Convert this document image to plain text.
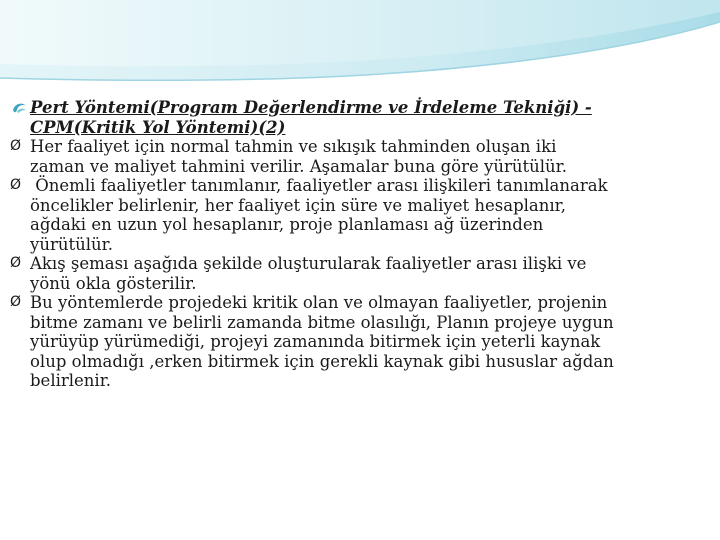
Pert Yöntemi(Program Değerlendirme ve İrdeleme Tekniği) - CPM(Kritik Yol Yöntemi)(2)
Ø Her faaliyet için normal tahmin ve sıkışık tahminden oluşan iki zaman ve maliyet tahmini verilir. Aşamalar buna göre yürütülür.
Ø Önemli faaliyetler tanımlanır, faaliyetler arası ilişkileri tanımlanarak öncelikler belirlenir, her faaliyet için süre ve maliyet hesaplanır, ağdaki en uzun yol hesaplanır, proje planlaması ağ üzerinden yürütülür.
Ø Akış şeması aşağıda şekilde oluşturularak faaliyetler arası ilişki ve yönü okla gösterilir.
Ø Bu yöntemlerde projedeki kritik olan ve olmayan faaliyetler, projenin bitme zamanı ve belirli zamanda bitme olasılığı, Planın projeye uygun yürüyüp yürümediği, projeyi zamanında bitirmek için yeterli kaynak olup olmadığı ,erken bitirmek için gerekli kaynak gibi hususlar ağdan belirlenir.
